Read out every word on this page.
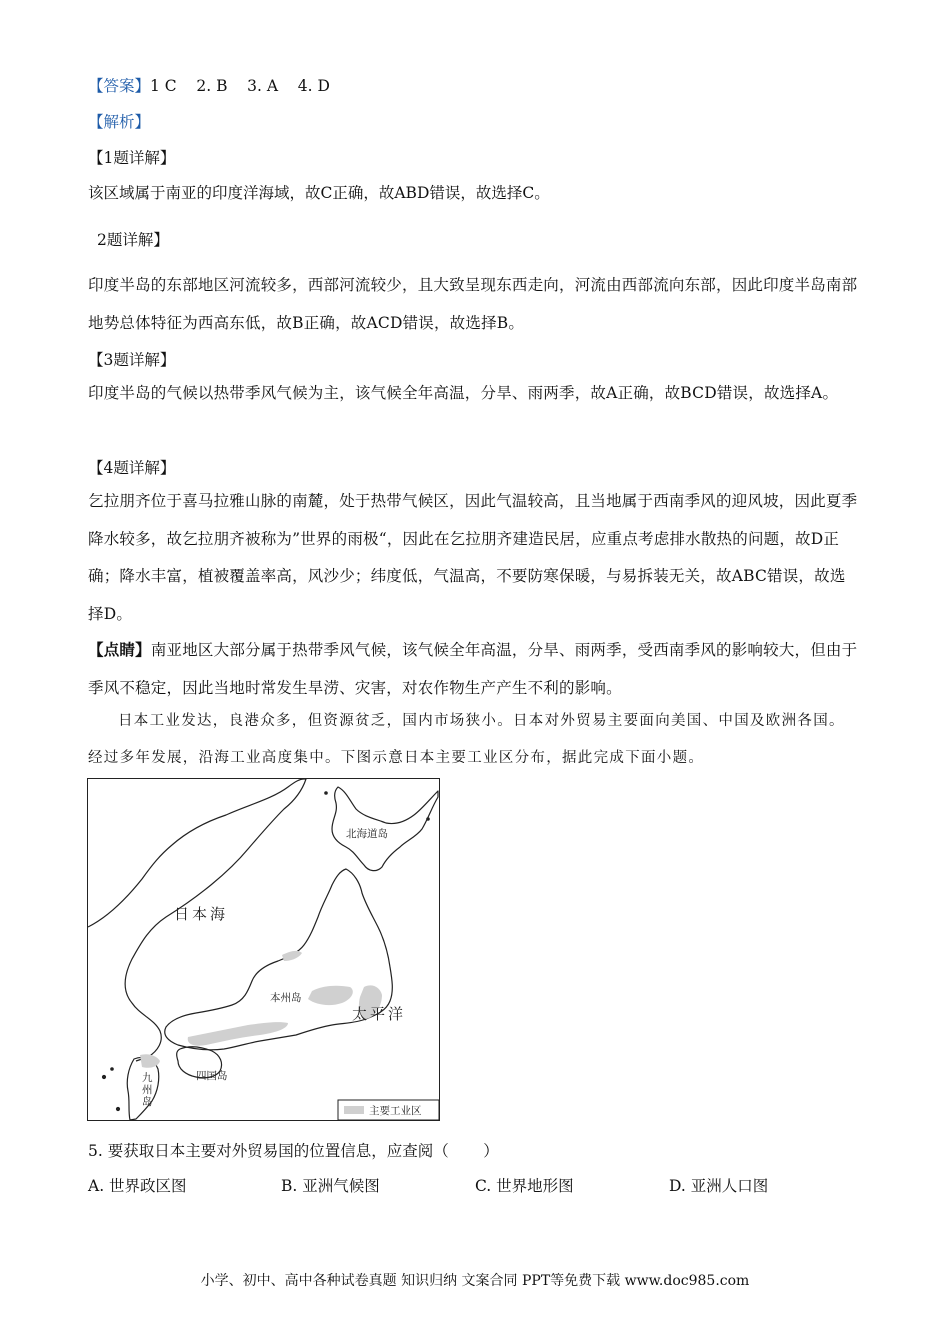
【答案】1 C    2. B    3. A    4. D
【解析】
【1题详解】
该区域属于南亚的印度洋海域，故C正确，故ABD错误，故选择C。
2题详解】
印度半岛的东部地区河流较多，西部河流较少，且大致呈现东西走向，河流由西部流向东部，因此印度半岛南部地势总体特征为西高东低，故B正确，故ACD错误，故选择B。
【3题详解】
印度半岛的气候以热带季风气候为主，该气候全年高温，分旱、雨两季，故A正确，故BCD错误，故选择A。
【4题详解】
乞拉朋齐位于喜马拉雅山脉的南麓，处于热带气候区，因此气温较高，且当地属于西南季风的迎风坡，因此夏季降水较多，故乞拉朋齐被称为”世界的雨极“，因此在乞拉朋齐建造民居，应重点考虑排水散热的问题，故D正确；降水丰富，植被覆盖率高，风沙少；纬度低，气温高，不要防寒保暖，与易拆装无关，故ABC错误，故选择D。
【点睛】南亚地区大部分属于热带季风气候，该气候全年高温，分旱、雨两季，受西南季风的影响较大，但由于季风不稳定，因此当地时常发生旱涝、灾害，对农作物生产产生不利的影响。
日本工业发达，良港众多，但资源贫乏，国内市场狭小。日本对外贸易主要面向美国、中国及欧洲各国。经过多年发展，沿海工业高度集中。下图示意日本主要工业区分布，据此完成下面小题。
日本海
太平洋
北海道岛
本州岛
四国岛
九
州
岛
主要工业区
5. 要获取日本主要对外贸易国的位置信息，应查阅（       ）
A. 世界政区图	B. 亚洲气候图	C. 世界地形图	D. 亚洲人口图
小学、初中、高中各种试卷真题 知识归纳 文案合同 PPT等免费下载 www.doc985.com
